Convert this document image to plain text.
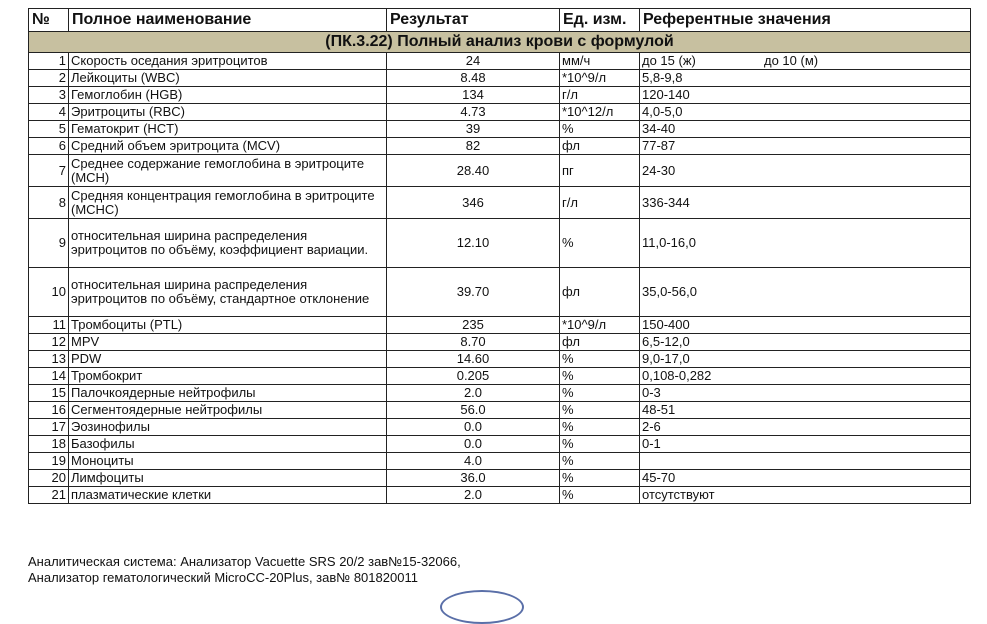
№	Полное наименование	Результат	Ед. изм.	Референтные значения
(ПК.3.22) Полный анализ крови с формулой				
1	Скорость оседания эритроцитов	24	мм/ч	до 15 (ж) до 10 (м)

2	Лейкоциты (WBC)	8.48	*10^9/л	5,8-9,8
3	Гемоглобин (HGB)	134	г/л	120-140
4	Эритроциты (RBC)	4.73	*10^12/л	4,0-5,0
5	Гематокрит (HCT)	39	%	34-40
6	Средний объем эритроцита (MCV)	82	фл	77-87
7	Среднее содержание гемоглобина в эритроците (MCH)	28.40	пг	24-30
8	Средняя концентрация гемоглобина в эритроците (MCHC)	346	г/л	336-344
9	относительная ширина распределения эритроцитов по объёму, коэффициент вариации.	12.10	%	11,0-16,0
10	относительная ширина распределения эритроцитов по объёму, стандартное отклонение	39.70	фл	35,0-56,0
11	Тромбоциты (PTL)	235	*10^9/л	150-400
12	MPV	8.70	фл	6,5-12,0
13	PDW	14.60	%	9,0-17,0
14	Тромбокрит	0.205	%	0,108-0,282
15	Палочкоядерные нейтрофилы	2.0	%	0-3
16	Сегментоядерные нейтрофилы	56.0	%	48-51
17	Эозинофилы	0.0	%	2-6
18	Базофилы	0.0	%	0-1
19	Моноциты	4.0	%	
20	Лимфоциты	36.0	%	45-70
21	плазматические клетки	2.0	%	отсутствуют
Аналитическая система: Анализатор Vacuette SRS 20/2 зав№15-32066,
Анализатор гематологический MicroCC-20Plus, зав№ 801820011
